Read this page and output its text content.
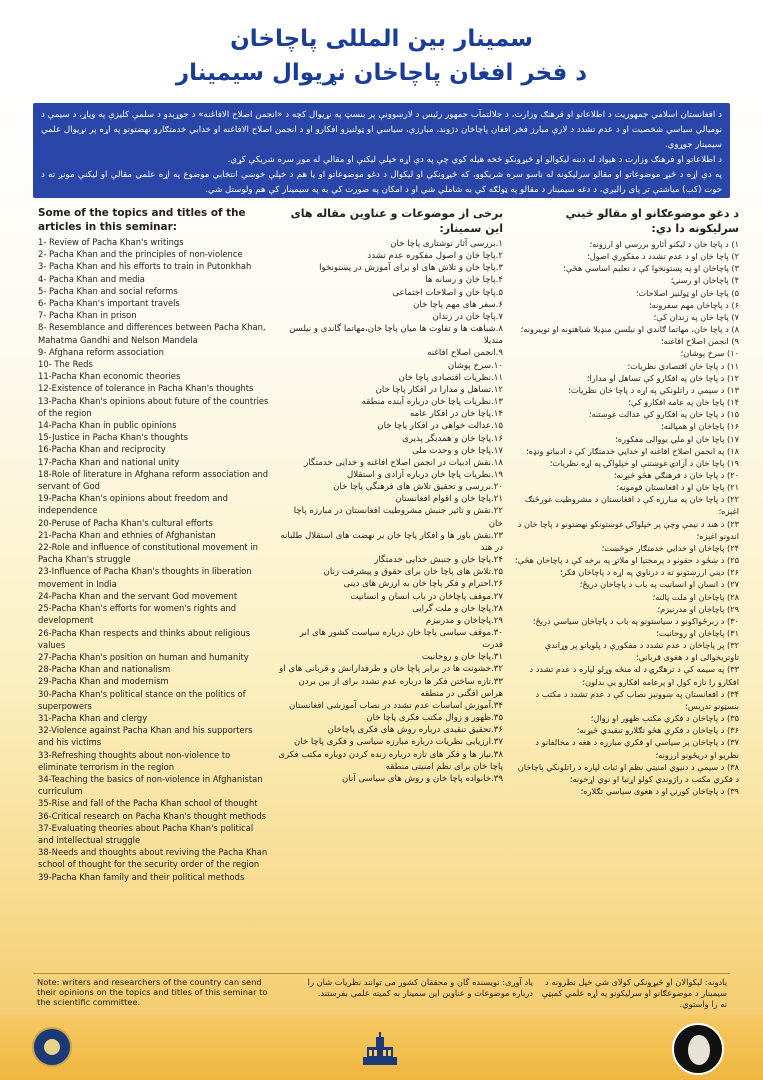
سمینار بین المللی پاچاخان
د فخر افغان پاچاخان نړیوال سیمینار

د افغانستان اسلامي جمهوریت د اطلاعاتو او فرهنګ وزارت، د جلالتمآب جمهور رئیس د لارښوونې پر بنسټ په نړیوال کچه د «انجمن اصلاح الافاغنه» د جوړېدو د سلمې کلیزې په ویاړ، د سیمې د نوميالي سیاسي شخصیت او د عدم تشدد د لارې مبارز فخر افغان پاچاخان دژوند، مبارزې، سیاسي او ټولنیزو افکارو او د انجمن اصلاح الافاغنه او خدایي خدمتګارو نهضتونو په اړه پر نړیوال علمي سیمینار جوړوي.

د اطلاعاتو او فرهنګ وزارت د هیواد له دننه لیکوالو او څیړونکو څخه هیله کوي چې په دې اړه خپلې لیکنې او مقالې له موږ سره شریکې کړي.

په دې اړه د څیړ موضوعاتو او مقالو سرلیکونه له ناسو سره شریکوو، که څیړونکي او لیکوال د دغو موضوعاتو او یا هم د خپلې خوښې انتخابي موضوع په اړه علمي مقالې او لیکنې مونږ ته د حوت (کب) میاشتې تر پای رالیږي، د دغه سیمینار د مقالو په ټولګه کې به شاملې شي او د امکان په صورت کې به په سیمینار کې هم ولوستل شي.

Some of the topics and titles of the articles in this seminar:
1- Review of Pacha Khan's writings
2- Pacha Khan and the principles of non-violence
3- Pacha Khan and his efforts to train in Putonkhah
4- Pacha Khan and media
5- Pacha Khan and social reforms
6- Pacha Khan's important travels
7- Pacha Khan in prison
8- Resemblance and differences between Pacha Khan, Mahatma Gandhi and Nelson Mandela
9- Afghana reform association
10- The Reds
11-Pacha Khan economic theories
12-Existence of tolerance in Pacha Khan's thoughts
13-Pacha Khan's opinions about future of the countries of the region
14-Pacha Khan in public opinions
15-Justice in Pacha Khan's thoughts
16-Pacha Khan and reciprocity
17-Pacha Khan and national unity
18-Role of literature in Afghana reform association and servant of God
19-Pacha Khan's opinions about freedom and independence
20-Peruse of Pacha Khan's cultural efforts
21-Pacha Khan and ethnies of Afghanistan
22-Role and influence of constitutional movement in Pacha Khan's struggle
23-Influence of Pacha Khan's thoughts in liberation movement in India
24-Pacha Khan and the servant God movement
25-Pacha Khan's efforts for women's rights and development
26-Pacha Khan respects and thinks about religious values
27-Pacha Khan's position on human and humanity
28-Pacha Khan and nationalism
29-Pacha Khan and modernism
30-Pacha Khan's political stance on the politics of superpowers
31-Pacha Khan and clergy
32-Violence against Pacha Khan and his supporters and his victims
33-Refreshing thoughts about non-violence to eliminate terrorism in the region
34-Teaching the basics of non-violence in Afghanistan curriculum
35-Rise and fall of the Pacha Khan school of thought
36-Critical research on Pacha Khan's thought methods
37-Evaluating theories about Pacha Khan's political and intellectual struggle
38-Needs and thoughts about reviving the Pacha Khan school of thought for the security order of the region
39-Pacha Khan family and their political methods
برخی از موضوعات و عناوین مقاله های این سمینار:
۱.بررسی آثار نوشتاری پاچا خان
۲.پاچا خان و اصول مفکوره عدم تشدد
۳.پاچا خان و تلاش های او برای آموزش در پښتونخوا
۴.پاچا خان و رسانه ها
۵.پاچا خان و اصلاحات اجتماعی
۶.سفر های مهم پاچا خان
۷.پاچا خان در زندان
۸.شباهت ها و تفاوت ها میان پاچا خان،مهاتما گاندی و نیلسن منديلا
۹.انجمن اصلاح افاغنه
۱۰.سرخ پوشان
۱۱.نظریات اقتصادی پاچا خان
۱۲.تساهل و مدارا در افکار پاچا خان
۱۳.نظریات پاچا خان درباره آینده منطقه
۱۴.پاچا خان در افکار عامه
۱۵.عدالت خواهی در افکار پاچا خان
۱۶.پاچا خان و همدیگر پذیری
۱۷.پاچا خان و وحدت ملی
۱۸.نقش ادبیات در انجمن اصلاح افاغنه و خدایی خدمتگار
۱۹.نظریات پاچا خان درباره آزادی و استقلال
۲۰.بررسی و تحقیق تلاش های فرهنگی پاچا خان
۲۱.پاچا خان و اقوام افغانستان
۲۲.نقش و تاثیر جنبش مشروطیت افغانستان در مبارزه پاچا خان
۲۳.نقش باور ها و افکار پاچا خان بر نهضت های استقلال طلبانه در هند
۲۴.پاچا خان و جنبش خدایی خدمتگار
۲۵.تلاش های پاچا خان برای حقوق و پیشرفت زنان
۲۶.احترام و فکر پاچا خان به ارزش های دینی
۲۷.موقف پاچاخان در باب انسان و انسانیت
۲۸.پاچا خان و ملت گرایی
۲۹.پاچاخان و مدرنیزم
۳۰.موقف سیاسی پاچا خان درباره سیاست کشور های ابر قدرت
۳۱.پاچا خان و روحانیت
۳۲.خشونت ها در برابر پاچا خان و طرفدارانش و قربانی های او
۳۳.تازه ساختن فکر ها درباره عدم تشدد برای از بین بردن هراس افگنی در منطقه
۳۴.آموزش اساسات عدم تشدد در نصاب آموزشی افغانستان
۳۵.ظهور و زوال مکتب فکری پاچا خان
۳۶.تحقیق تنقیدی درباره روش های فکری پاچاخان
۳۷.ارزیابی نظریات درباره مبارزه سیاسی و فکری پاچا خان
۳۸.نیاز ها و فکر های تازه درباره زنده کردن دوباره مکتب فکری پاچا خان برای نظم امنیتی منطقه
۳۹.خانواده پاچا خان و روش های سیاسی آنان
د دغو موضوعګانو او مقالو څیني سرلیکونه دا دي:
۱) د پاچا خان د لیکنو آثارو بررسي او ارزونه؛
۲) پاچا خان او د عدم تشدد د مفکورې اصول؛
۳) پاچاخان او په پښتونخوا کې د تعلیم اساسي هڅې؛
۴) پاچاخان او رسنۍ؛
۵) پاچا خان او ټولنیز اصلاحات؛
۶) د پاچاخان مهم سفرونه؛
۷) پاچا خان په زندان کې؛
۸) د پاچا خان، مهاتما ګاندي او نیلسن منډیلا شباهتونه او توپیرونه؛
۹) انجمن اصلاح افاغنه؛
۱۰) سرخ پوشان؛
۱۱) د پاچا خان اقتصادي نظریات؛
۱۲) د پاچا خان په افکارو کې تساهل او مدارا؛
۱۳) د سیمې د راتلونکي په اړه د پاچا خان نظریات؛
۱۴) پاچا خان په عامه افکارو کې؛
۱۵) د پاچا خان په افکارو کې عدالت غوښتنه؛
۱۶) پاچاخان او همپالنه؛
۱۷) پاچا خان او ملي یووالی مفکوره؛
۱۸) په انجمن اصلاح افاغنه او خدایي خدمتګار کې د ادبیاتو ونډه؛
۱۹) پاچا خان د آزادۍ غوښتنې او خپلواکۍ په اړه نظریات؛
۲۰) د پاچا خان د فرهنګي هڅو څېړنه؛
۲۱) پاچا خان او د افغانستان قومونه؛
۲۲) د پاچا خان په مبارزه کې د افغانستان د مشروطیت غورځنګ اغېزه؛
۲۳) د هند د نیمې وچې پر خپلواکۍ غوښتونکو نهضتونو د پاچا خان د اندونو اغېزه؛
۲۴) پاچاخان او خدایي خدمتګار خوځښت؛
۲۵) د ښځو د حقونو د پرمختیا او ملاتړ په برخه کې د پاچاخان هڅې؛
۲۶) دیني ارزښتونو ته د درناوي په اړه د پاچاخان فکر؛
۲۷) د انسان او انسانیت په باب د پاچاخان دریځ؛
۲۸) پاچاخان او ملت پالنه؛
۲۹) پاچاخان او مدرنیزم؛
۳۰) د زبرځواکونو د سیاستونو په باب د پاچاخان سیاسي دریځ؛
۳۱) پاچاخان او روحانیت؛
۳۲) پر پاچاخان د عدم تشدد د مفکورې د پلویانو پر وړاندې تاوتریخوالی او د هغوی قرباني؛
۳۳) په سیمه کې د ترهګرۍ د له منځه وړلو لپاره د عدم تشدد د افکارو را تازه کول او پرعامه افکارو یې بدلون؛
۳۴) د افغانستان په ښوونیز نصاب کې د عدم تشدد د مکتب د بنسټونو تدریس؛
۳۵) د پاچاخان د فکري مکتب ظهور او زوال؛
۳۶) د پاچاخان د فکري هڅو تګلارو تنقیدي څیړنه؛
۳۷) د پاچاخان پر سیاسي او فکري مبارزه د هغه د مخالفانو د نظریو او دریځونو ارزونه؛
۳۸) د سیمې د دنیوي امنیتي نظم او ثبات لپاره د راتلونکي پاچاخان د فکري مکتب د راژوندي کولو اړتیا او نوي اړخونه؛
۳۹) د پاچاخان کورنۍ او د هغوی سیاسي تګلاره؛
Note: writers and researchers of the country can send their opinions on the topics and titles of this seminar to the scientific committee.
یاد آوری: نویسنده گان و محققان کشور می توانند نظریات شان را درباره موضوعات و عناوین این سمینار به کمیته علمی بفرستند.
یادونه: لیکوالان او څیړونکي کولای شي خپل نظرونه د سیمینار د موضوعګانو او سرلیکونو په اړه علمي کمېټې ته را واستوي.
